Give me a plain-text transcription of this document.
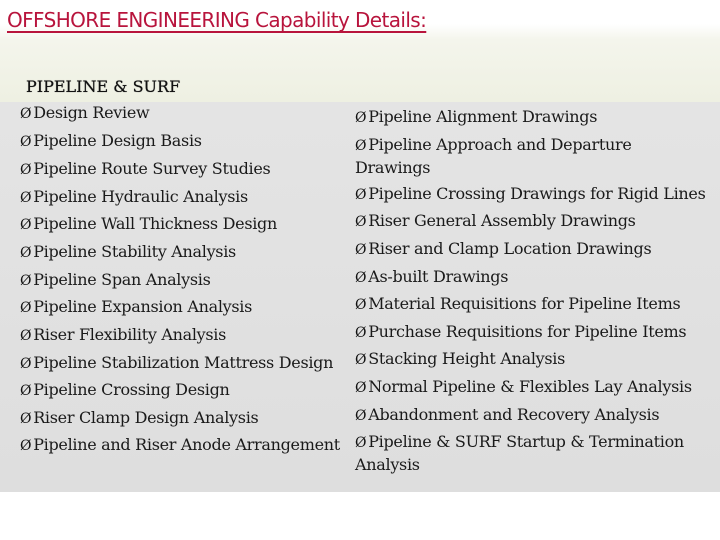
OFFSHORE ENGINEERING Capability Details:
PIPELINE & SURF
Ø Design Review
Ø Pipeline Design Basis
Ø Pipeline Route Survey Studies
Ø Pipeline Hydraulic Analysis
Ø Pipeline Wall Thickness Design
Ø Pipeline Stability Analysis
Ø Pipeline Span Analysis
Ø Pipeline Expansion Analysis
Ø Riser Flexibility Analysis
Ø Pipeline Stabilization Mattress Design
Ø Pipeline Crossing Design
Ø Riser Clamp Design Analysis
Ø Pipeline and Riser Anode Arrangement
Ø Pipeline Alignment Drawings
Ø Pipeline Approach and Departure Drawings
Ø Pipeline Crossing Drawings for Rigid Lines
Ø Riser General Assembly Drawings
Ø Riser and Clamp Location Drawings
Ø As-built Drawings
Ø Material Requisitions for Pipeline Items
Ø Purchase Requisitions for Pipeline Items
Ø Stacking Height Analysis
Ø Normal Pipeline & Flexibles Lay Analysis
Ø Abandonment and Recovery Analysis
Ø Pipeline & SURF Startup & Termination Analysis
